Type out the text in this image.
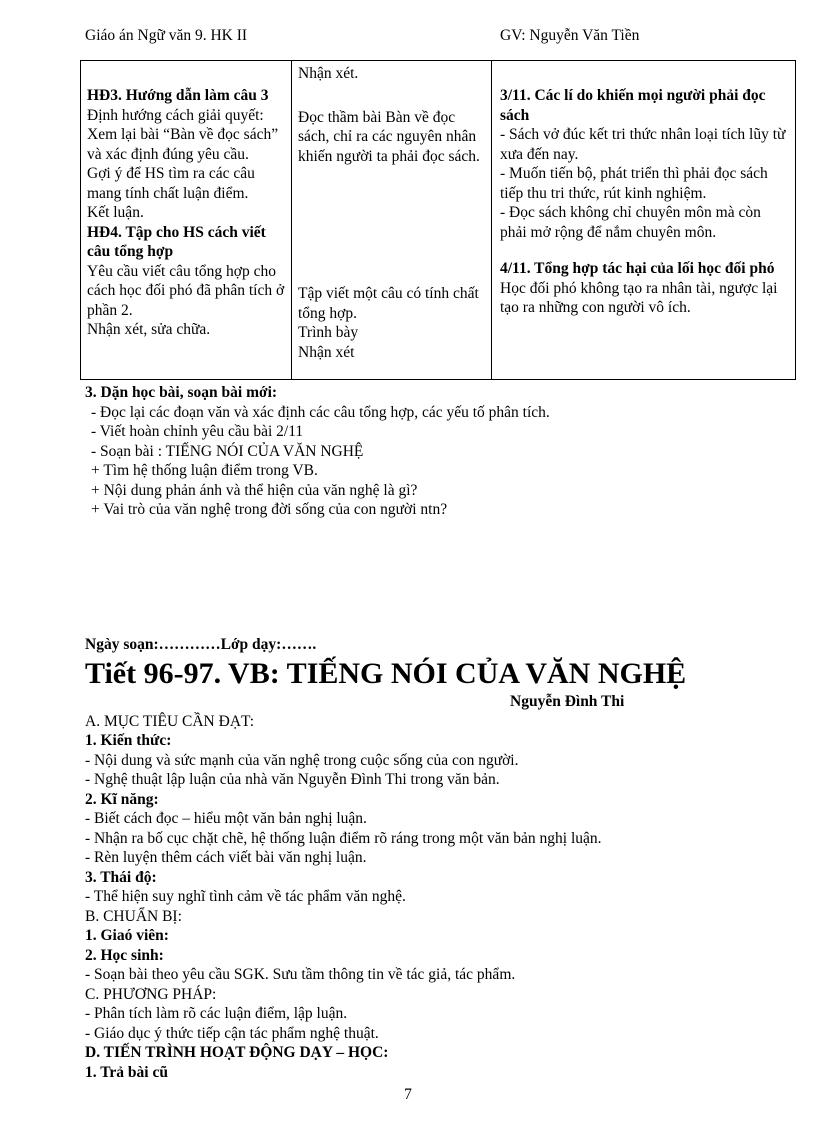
Giáo án Ngữ văn 9. HK II	GV: Nguyễn Văn Tiền

HĐ3. Hướng dẫn làm câu 3

Định hướng cách giải quyết:

Xem lại bài “Bàn về đọc sách” và xác định đúng yêu cầu.

Gợi ý để HS tìm ra các câu mang tính chất luận điểm.

Kết luận.

HĐ4. Tập cho HS cách viết câu tổng hợp

Yêu cầu viết câu tổng hợp cho cách học đối phó đã phân tích ở phần 2.

Nhận xét, sửa chữa.

Nhận xét.

Đọc thầm bài Bàn về đọc sách, chỉ ra các nguyên nhân khiến người ta phải đọc sách.

Tập viết một câu có tính chất tổng hợp.

Trình bày

Nhận xét

3/11. Các lí do khiến mọi người phải đọc sách

- Sách vở đúc kết tri thức nhân loại tích lũy từ xưa đến nay.

- Muốn tiến bộ, phát triển thì phải đọc sách tiếp thu tri thức, rút kinh nghiệm.

- Đọc sách không chỉ chuyên môn mà còn phải mở rộng để nắm chuyên môn.

4/11. Tổng hợp tác hại của lối học đối phó

Học đối phó không tạo ra nhân tài, ngược lại tạo ra những con người vô ích.

3. Dặn học bài, soạn bài mới:

- Đọc lại các đoạn văn và xác định các câu tổng hợp, các yếu tố phân tích.

- Viết hoàn chỉnh yêu cầu bài 2/11

- Soạn bài : TIẾNG NÓI CỦA VĂN NGHỆ

+ Tìm hệ thống luận điểm trong VB.

+ Nội dung phản ánh và thể hiện của văn nghệ là gì?

+ Vai trò của văn nghệ trong đời sống của con người ntn?

Ngày soạn:…………Lớp dạy:…….

Tiết 96-97. VB: TIẾNG NÓI CỦA VĂN NGHỆ

Nguyễn Đình Thi

A. MỤC TIÊU CẦN ĐẠT:

1. Kiến thức:

- Nội dung và sức mạnh của văn nghệ trong cuộc sống của con người.

- Nghệ thuật lập luận của nhà văn Nguyễn Đình Thi trong văn bản.

2. Kĩ năng:

- Biết cách đọc – hiểu một văn bản nghị luận.

- Nhận ra bố cục chặt chẽ, hệ thống luận điểm rõ ráng trong một văn bản nghị luận.

- Rèn luyện thêm cách viết bài văn nghị luận.

3. Thái độ:

- Thể hiện suy nghĩ tình cảm về tác phẩm văn nghệ.

B. CHUẨN BỊ:

1. Giaó viên:

2. Học sinh:

- Soạn bài theo yêu cầu SGK. Sưu tầm thông tin về tác giả, tác phẩm.

C. PHƯƠNG PHÁP:

- Phân tích làm rõ các luận điểm, lập luận.

- Giáo dục ý thức tiếp cận tác phẩm nghệ thuật.

D. TIẾN TRÌNH HOẠT ĐỘNG DẠY – HỌC:

1. Trả bài cũ

7
